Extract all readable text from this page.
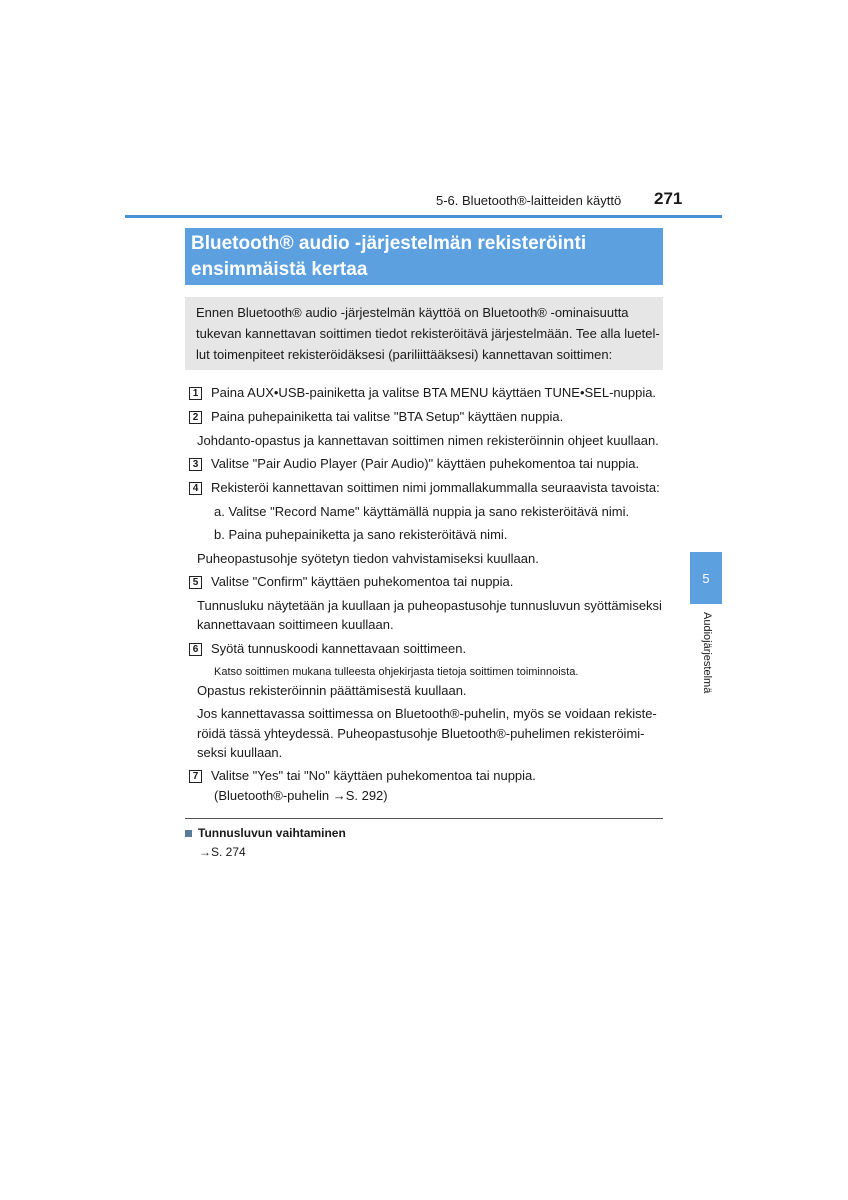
5-6. Bluetooth®-laitteiden käyttö 271
Bluetooth® audio -järjestelmän rekisteröinti
ensimmäistä kertaa
Ennen Bluetooth® audio -järjestelmän käyttöä on Bluetooth® -ominaisuutta
tukevan kannettavan soittimen tiedot rekisteröitävä järjestelmään. Tee alla luetel-
lut toimenpiteet rekisteröidäksesi (pariliittääksesi) kannettavan soittimen:
1 Paina AUX•USB-painiketta ja valitse BTA MENU käyttäen TUNE•SEL-nuppia.
2 Paina puhepainiketta tai valitse "BTA Setup" käyttäen nuppia.
Johdanto-opastus ja kannettavan soittimen nimen rekisteröinnin ohjeet kuullaan.
3 Valitse "Pair Audio Player (Pair Audio)" käyttäen puhekomentoa tai nuppia.
4 Rekisteröi kannettavan soittimen nimi jommallakummalla seuraavista tavoista:
a. Valitse "Record Name" käyttämällä nuppia ja sano rekisteröitävä nimi.
b. Paina puhepainiketta ja sano rekisteröitävä nimi.
Puheopastusohje syötetyn tiedon vahvistamiseksi kuullaan.
5 Valitse "Confirm" käyttäen puhekomentoa tai nuppia.
Tunnusluku näytetään ja kuullaan ja puheopastusohje tunnusluvun syöttämiseksi
kannettavaan soittimeen kuullaan.
6 Syötä tunnuskoodi kannettavaan soittimeen.
Katso soittimen mukana tulleesta ohjekirjasta tietoja soittimen toiminnoista.
Opastus rekisteröinnin päättämisestä kuullaan.
Jos kannettavassa soittimessa on Bluetooth®-puhelin, myös se voidaan rekiste-
röidä tässä yhteydessä. Puheopastusohje Bluetooth®-puhelimen rekisteröimi-
seksi kuullaan.
7 Valitse "Yes" tai "No" käyttäen puhekomentoa tai nuppia.
(Bluetooth®-puhelin →S. 292)
5
Audiojärjestelmä
Tunnusluvun vaihtaminen
→S. 274
